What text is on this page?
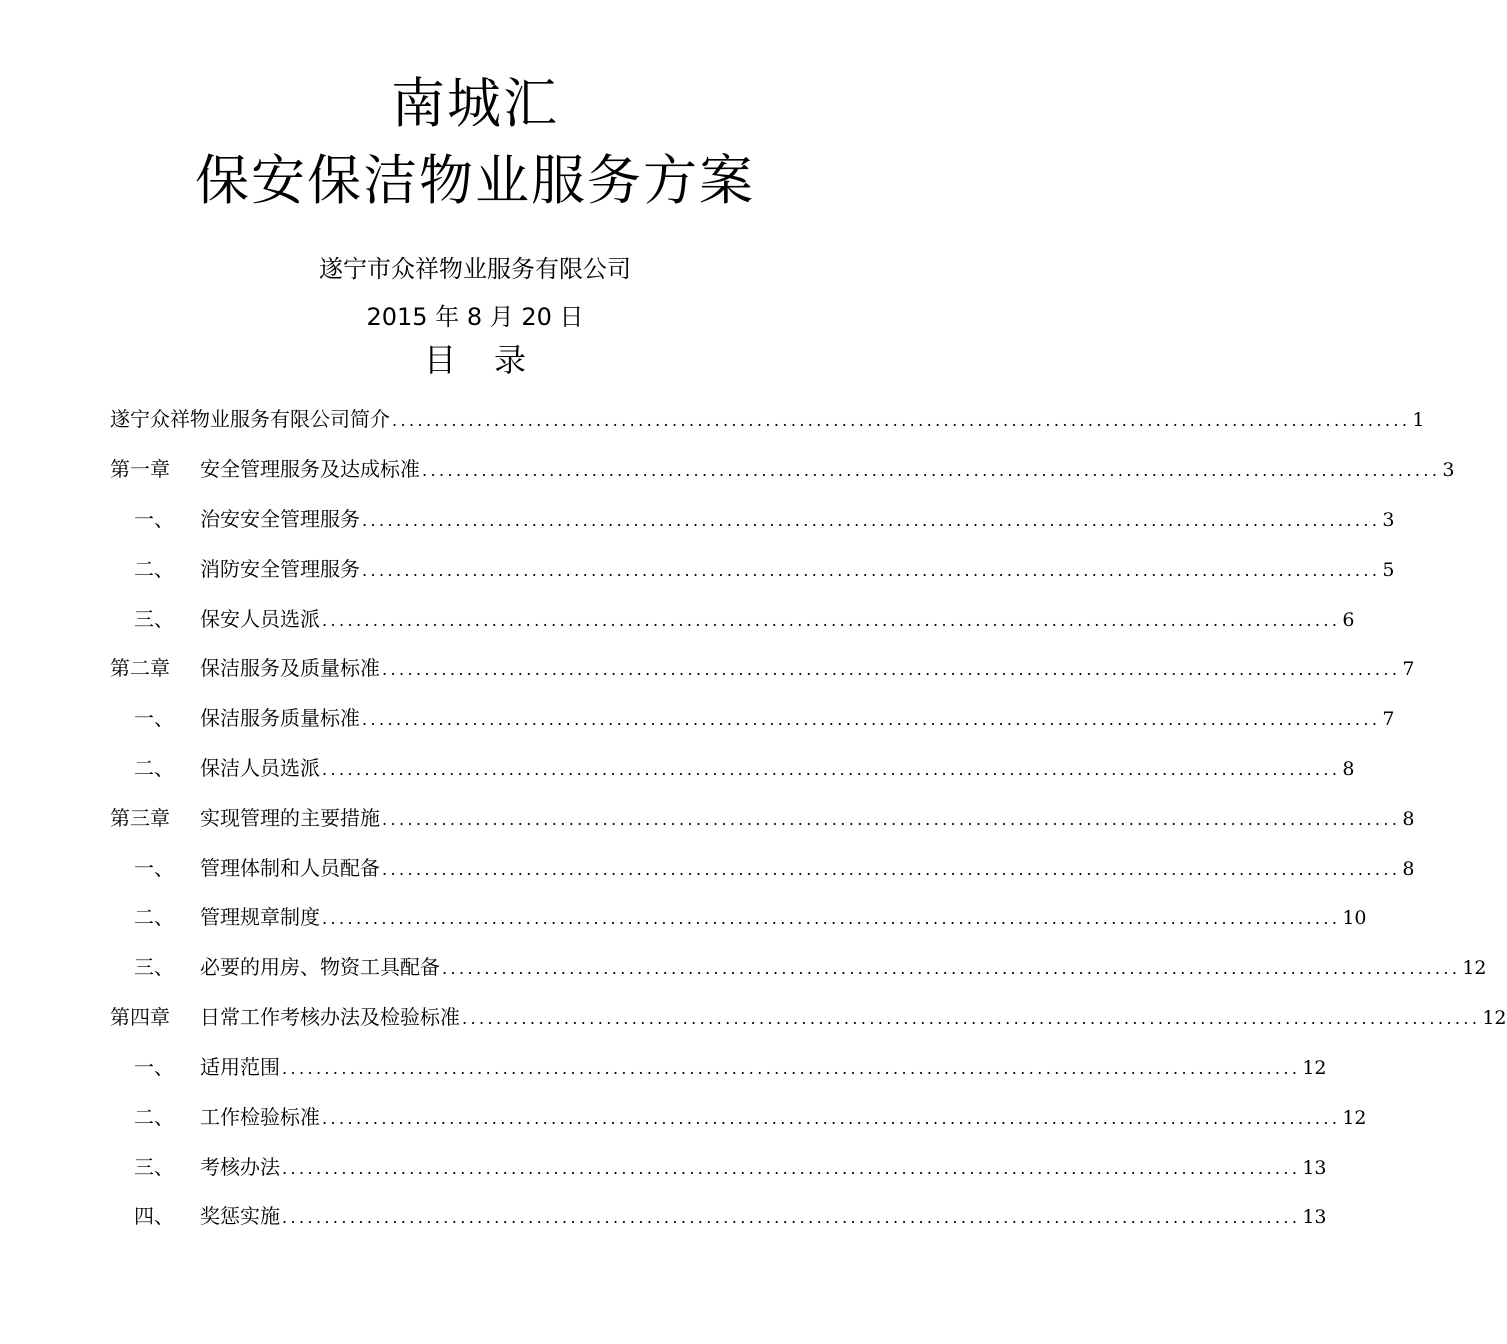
南城汇
保安保洁物业服务方案
遂宁市众祥物业服务有限公司
2015 年 8 月 20 日
目 录
遂宁众祥物业服务有限公司简介 ........................................................................................................................ 1
第一章	安全管理服务及达成标准 ........................................................................................................................ 3
一、	治安安全管理服务 ........................................................................................................................ 3
二、	消防安全管理服务 ........................................................................................................................ 5
三、	保安人员选派 ........................................................................................................................ 6
第二章	保洁服务及质量标准 ........................................................................................................................ 7
一、	保洁服务质量标准 ........................................................................................................................ 7
二、	保洁人员选派 ........................................................................................................................ 8
第三章	实现管理的主要措施 ........................................................................................................................ 8
一、	管理体制和人员配备 ........................................................................................................................ 8
二、	管理规章制度 ........................................................................................................................ 10
三、	必要的用房、物资工具配备 ........................................................................................................................ 12
第四章	日常工作考核办法及检验标准 ........................................................................................................................ 12
一、	适用范围 ........................................................................................................................ 12
二、	工作检验标准 ........................................................................................................................ 12
三、	考核办法 ........................................................................................................................ 13
四、	奖惩实施 ........................................................................................................................ 13
